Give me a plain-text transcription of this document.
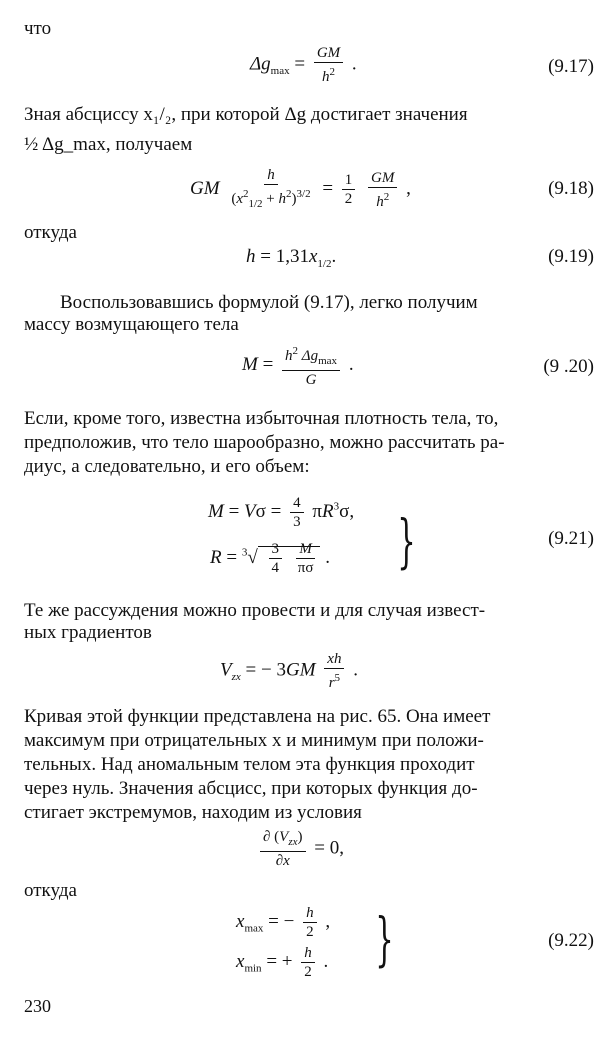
что
$\Delta g_{max} = \frac{GM}{h^2}$ .	(9.17)
Зная абсциссу x₁/₂, при которой Δg достигает значения
½ Δg_max, получаем
GM $\frac{h}{(x^2_{1/2} + h^2)^{3/2}} = \frac{1}{2}$
$\frac{GM}{h^2}$ ,	(9.18)
откуда
$h = 1,31x_{1/2}$.	(9.19)
Воспользовавшись формулой (9.17), легко получим
массу возмущающего тела
$M = \frac{h^2 \Delta g_{max}}{G}$ .	(9 .20)
Если, кроме того, известна избыточная плотность тела, то,
предположив, что тело шарообразно, можно рассчитать ра-
диус, а следовательно, и его объем:
$M = V\sigma = \frac{4}{3} \pi R^3\sigma$,
$R = ^3√ \frac{3}{4}$
$\frac{M}{\pi\sigma}$ . }	(9.21)
Те же рассуждения можно провести и для случая извест-
ных градиентов
$V_{zx}$ = − $3GM \frac{xh}{r^5}$ .
Кривая этой функции представлена на рис. 65. Она имеет
максимум при отрицательных x и минимум при положи-
тельных. Над аномальным телом эта функция проходит
через нуль. Значения абсцисс, при которых функция до-
стигает экстремумов, находим из условия
$\frac{\partial (V_{zx})}{\partial x} = 0$,
откуда
$x_{max}$ = − $\frac{h}{2}$ ,
$x_{min}$ = + $\frac{h}{2}$ . }	(9.22)
230
